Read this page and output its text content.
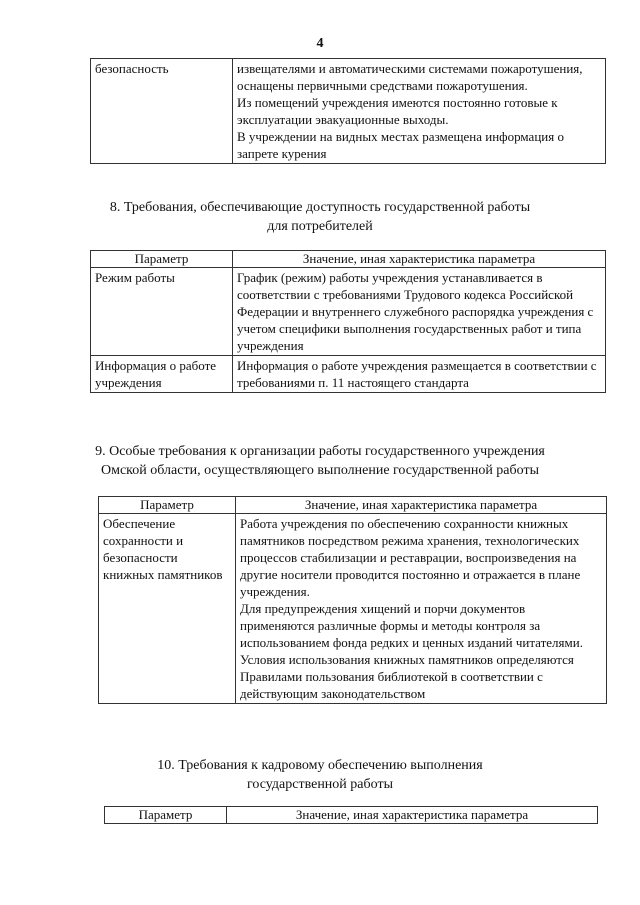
4
безопасность	извещателями и автоматическими системами пожаротушения, оснащены первичными средствами пожаротушения.

Из помещений учреждения имеются постоянно готовые к эксплуатации эвакуационные выходы.

В учреждении на видных местах размещена информация о запрете курения

8. Требования, обеспечивающие доступность государственной работы
для потребителей
Параметр	Значение, иная характеристика параметра
Режим работы	График (режим) работы учреждения устанавливается в соответствии с требованиями Трудового кодекса Российской Федерации и внутреннего служебного распорядка учреждения с учетом специфики выполнения государственных работ и типа учреждения
Информация о работе учреждения	Информация о работе учреждения размещается в соответствии с требованиями п. 11 настоящего стандарта
9. Особые требования к организации работы государственного учреждения
Омской области, осуществляющего выполнение государственной работы
Параметр	Значение, иная характеристика параметра
Обеспечение сохранности и безопасности книжных памятников	Работа учреждения по обеспечению сохранности книжных памятников посредством режима хранения, технологических процессов стабилизации и реставрации, воспроизведения на другие носители проводится постоянно и отражается в плане учреждения.

Для предупреждения хищений и порчи документов применяются различные формы и методы контроля за использованием фонда редких и ценных изданий читателями.

Условия использования книжных памятников определяются Правилами пользования библиотекой в соответствии с действующим законодательством

10. Требования к кадровому обеспечению выполнения
государственной работы
Параметр	Значение, иная характеристика параметра
